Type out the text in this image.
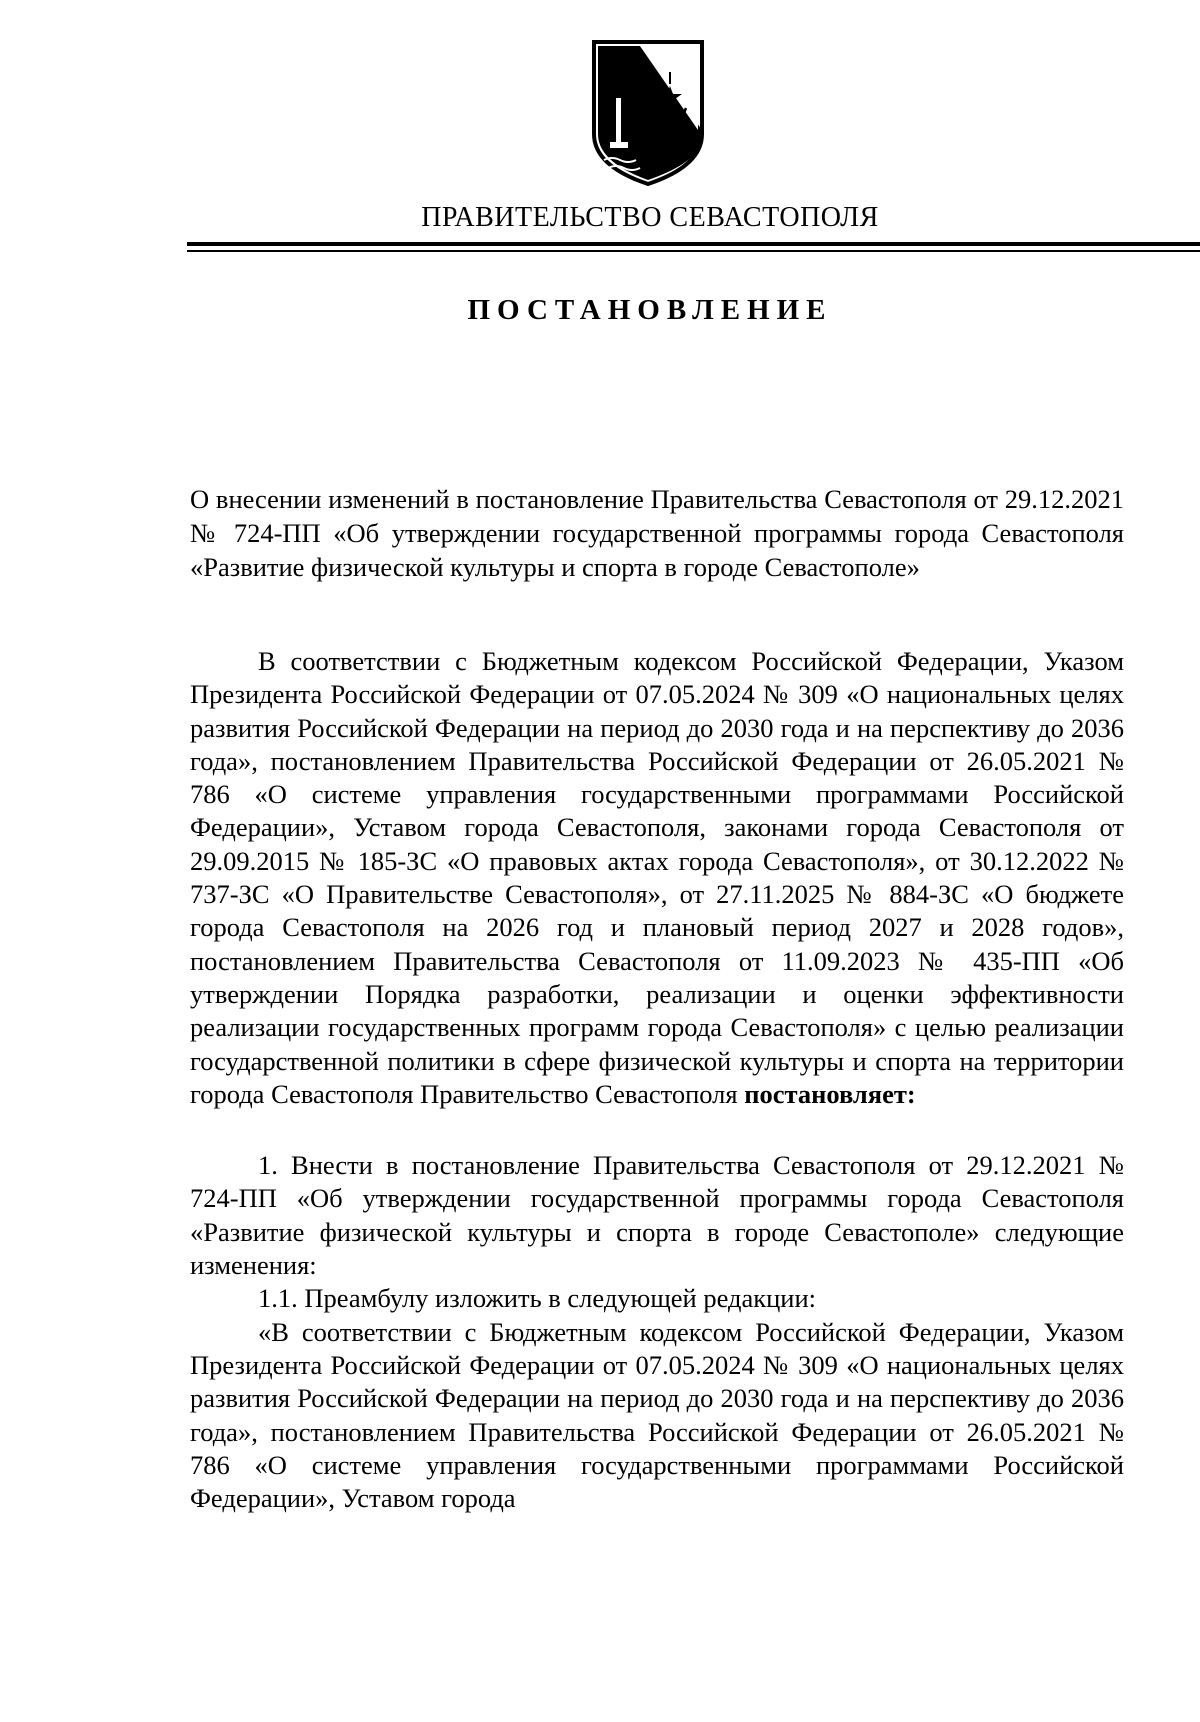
ПРАВИТЕЛЬСТВО СЕВАСТОПОЛЯ
ПОСТАНОВЛЕНИЕ
О внесении изменений в постановление Правительства Севастополя от 29.12.2021 № 724-ПП «Об утверждении государственной программы города Севастополя «Развитие физической культуры и спорта в городе Севастополе»

В соответствии с Бюджетным кодексом Российской Федерации, Указом Президента Российской Федерации от 07.05.2024 № 309 «О национальных целях развития Российской Федерации на период до 2030 года и на перспективу до 2036 года», постановлением Правительства Российской Федерации от 26.05.2021 № 786 «О системе управления государственными программами Российской Федерации», Уставом города Севастополя, законами города Севастополя от 29.09.2015 № 185-ЗС «О правовых актах города Севастополя», от 30.12.2022 № 737-ЗС «О Правительстве Севастополя», от 27.11.2025 № 884-ЗС «О бюджете города Севастополя на 2026 год и плановый период 2027 и 2028 годов», постановлением Правительства Севастополя от 11.09.2023 № 435-ПП «Об утверждении Порядка разработки, реализации и оценки эффективности реализации государственных программ города Севастополя» с целью реализации государственной политики в сфере физической культуры и спорта на территории города Севастополя Правительство Севастополя постановляет:

1. Внести в постановление Правительства Севастополя от 29.12.2021 № 724-ПП «Об утверждении государственной программы города Севастополя «Развитие физической культуры и спорта в городе Севастополе» следующие изменения:

1.1. Преамбулу изложить в следующей редакции:

«В соответствии с Бюджетным кодексом Российской Федерации, Указом Президента Российской Федерации от 07.05.2024 № 309 «О национальных целях развития Российской Федерации на период до 2030 года и на перспективу до 2036 года», постановлением Правительства Российской Федерации от 26.05.2021 № 786 «О системе управления государственными программами Российской Федерации», Уставом города
